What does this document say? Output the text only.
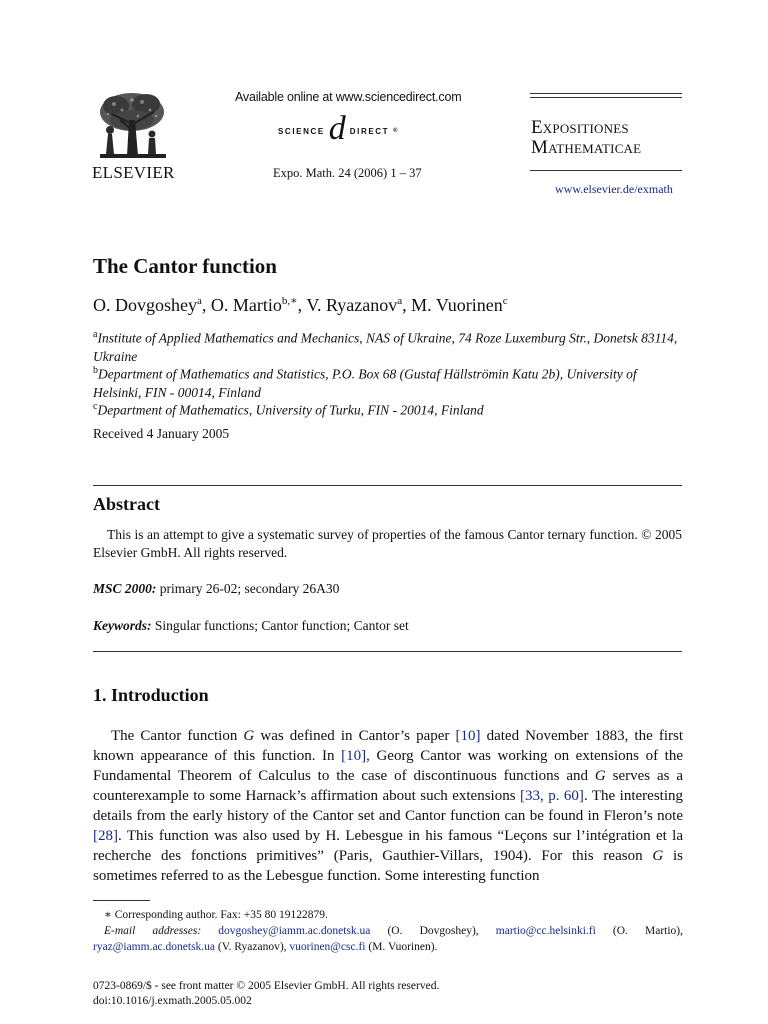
ELSEVIER
Available online at www.sciencedirect.com
SCIENCE d DIRECT ®
Expo. Math. 24 (2006) 1 – 37
Expositiones
Mathematicae
www.elsevier.de/exmath
The Cantor function
O. Dovgoshey$^a$, O. Martio$^{b,∗}$, V. Ryazanov$^a$, M. Vuorinen$^c$
$^a$Institute of Applied Mathematics and Mechanics, NAS of Ukraine, 74 Roze Luxemburg Str., Donetsk 83114, Ukraine
$^b$Department of Mathematics and Statistics, P.O. Box 68 (Gustaf Hällströmin Katu 2b), University of Helsinki, FIN - 00014, Finland
$^c$Department of Mathematics, University of Turku, FIN - 20014, Finland
Received 4 January 2005
Abstract
This is an attempt to give a systematic survey of properties of the famous Cantor ternary function. © 2005 Elsevier GmbH. All rights reserved.
MSC 2000: primary 26-02; secondary 26A30
Keywords: Singular functions; Cantor function; Cantor set
1. Introduction

The Cantor function G was defined in Cantor’s paper [10] dated November 1883, the first known appearance of this function. In [10], Georg Cantor was working on extensions of the Fundamental Theorem of Calculus to the case of discontinuous functions and G serves as a counterexample to some Harnack’s affirmation about such extensions [33, p. 60]. The interesting details from the early history of the Cantor set and Cantor function can be found in Fleron’s note [28]. This function was also used by H. Lebesgue in his famous “Leçons sur l’intégration et la recherche des fonctions primitives” (Paris, Gauthier-Villars, 1904). For this reason G is sometimes referred to as the Lebesgue function. Some interesting function

∗ Corresponding author. Fax: +35 80 19122879.
E-mail addresses: dovgoshey@iamm.ac.donetsk.ua (O. Dovgoshey), martio@cc.helsinki.fi (O. Martio), ryaz@iamm.ac.donetsk.ua (V. Ryazanov), vuorinen@csc.fi (M. Vuorinen).
0723-0869/$ - see front matter © 2005 Elsevier GmbH. All rights reserved.
doi:10.1016/j.exmath.2005.05.002
